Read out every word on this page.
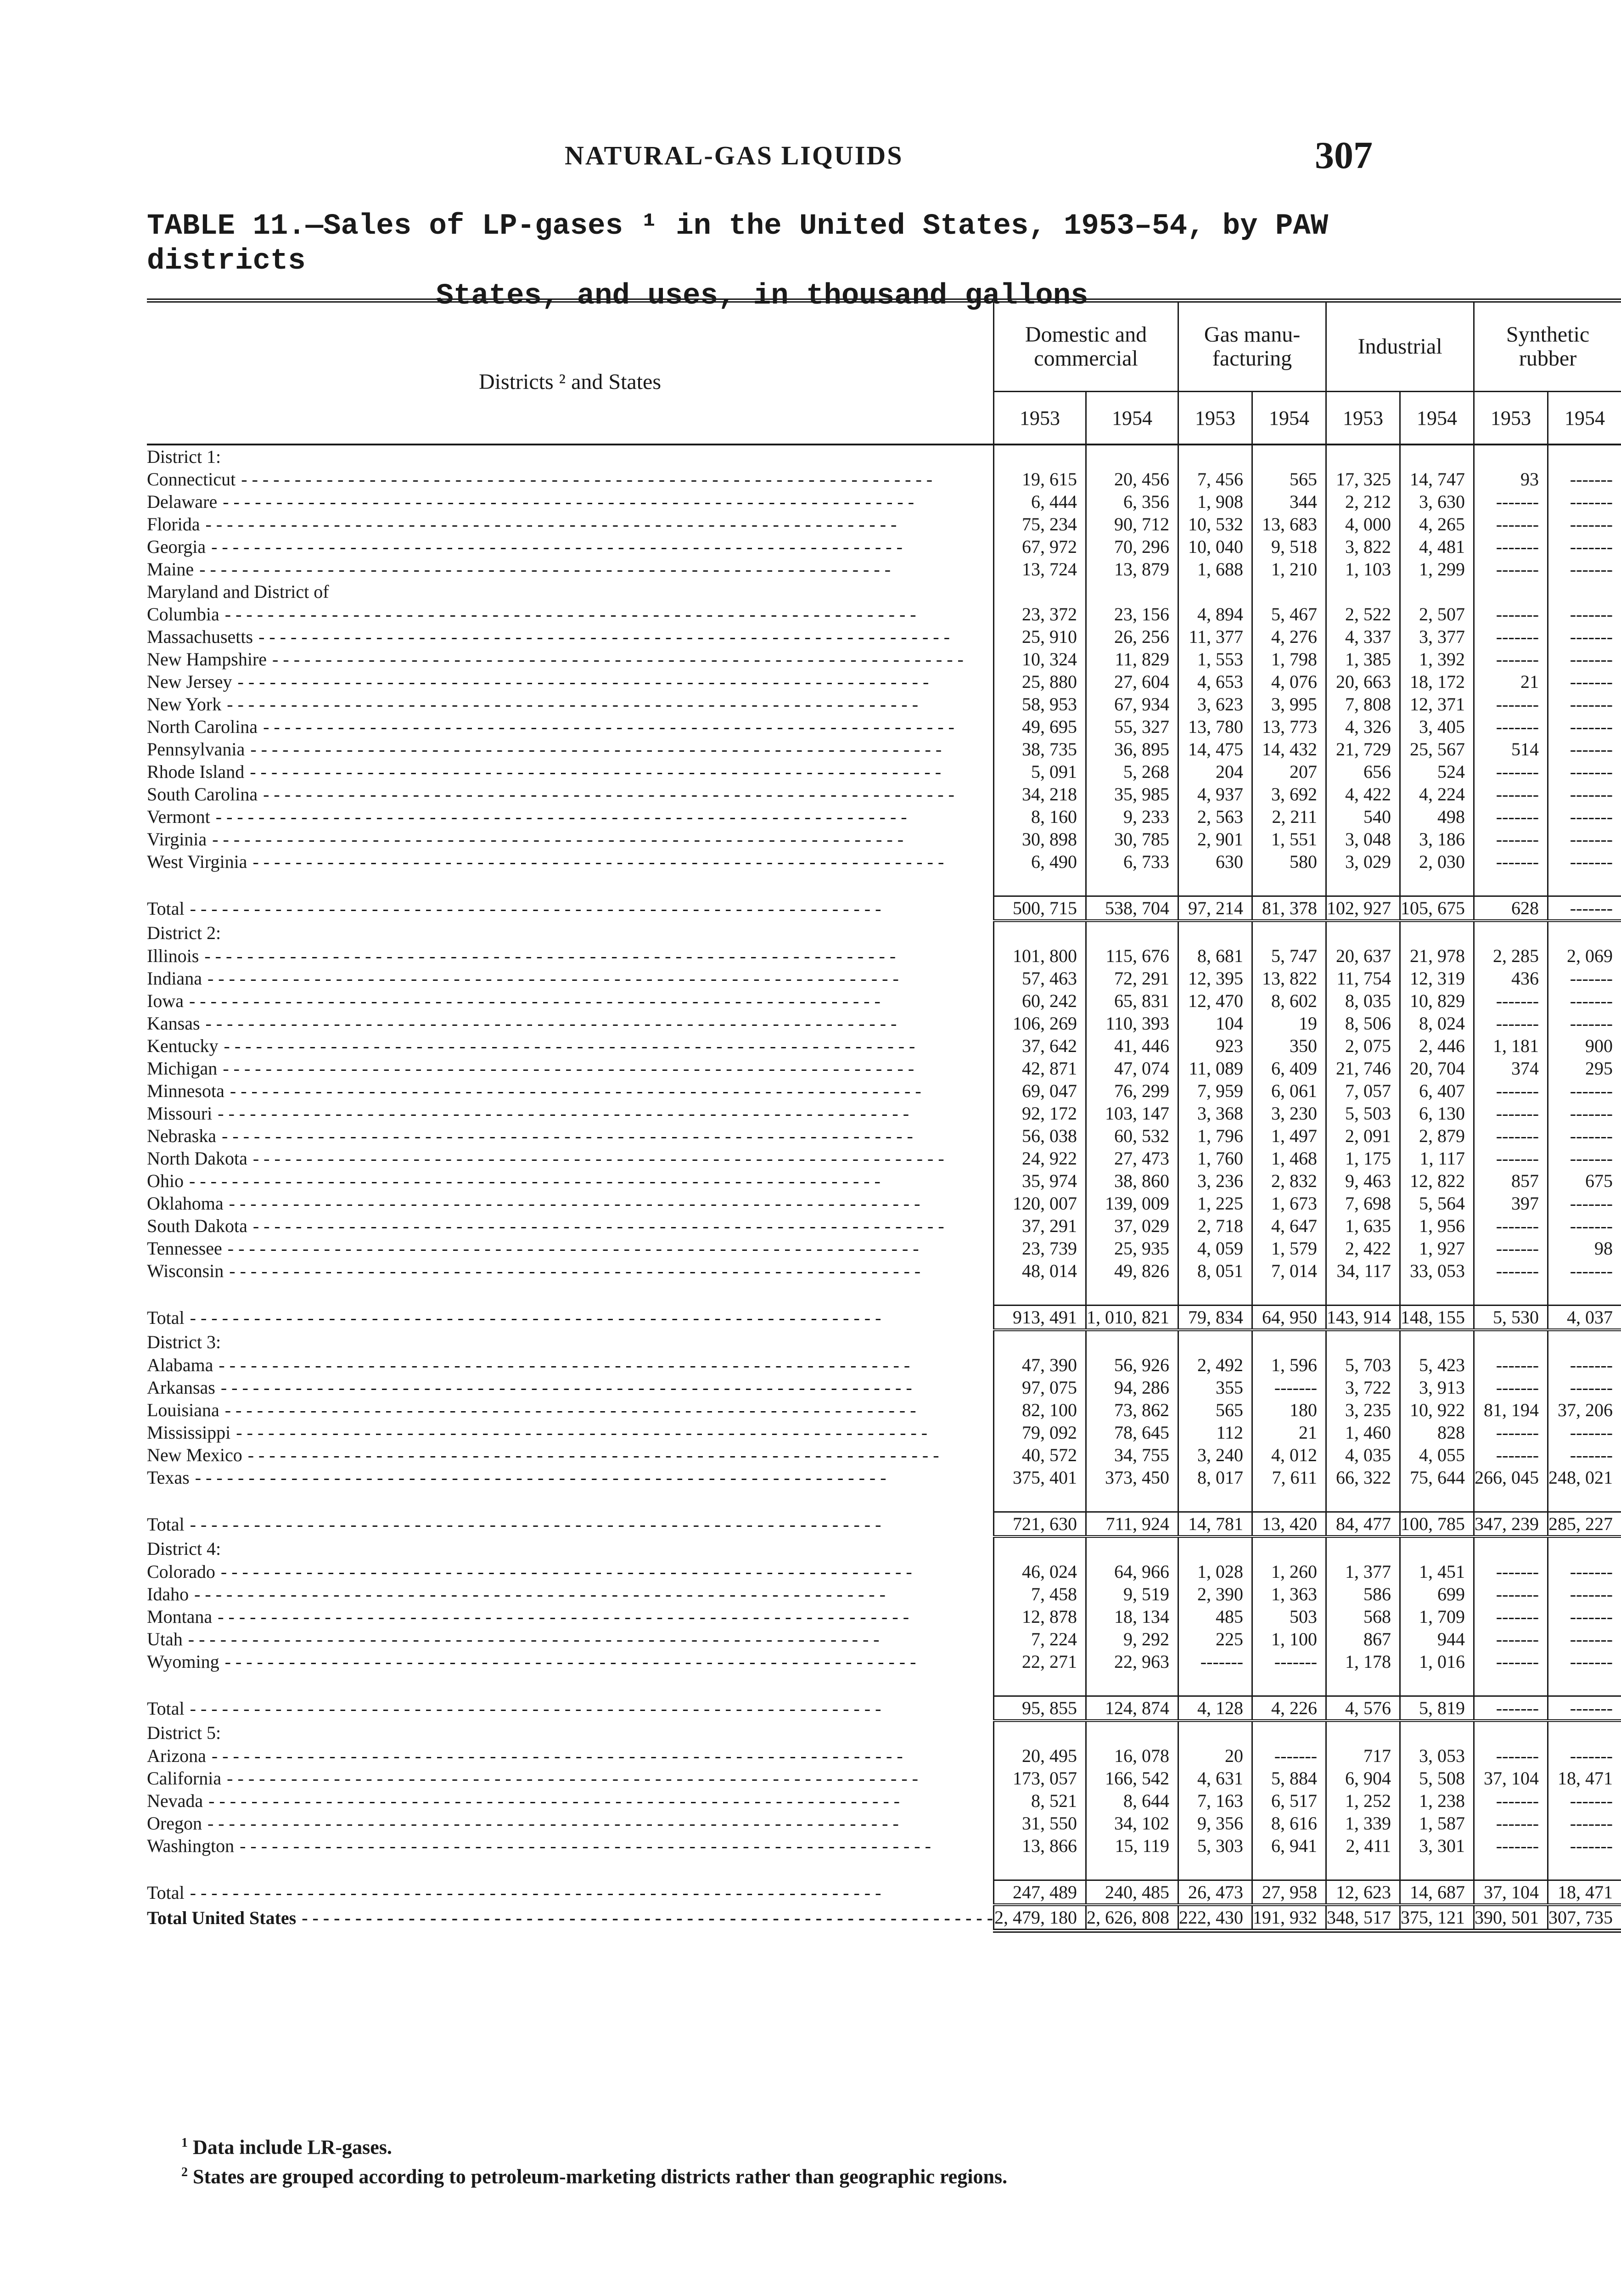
NATURAL-GAS LIQUIDS	307
TABLE 11.—Sales of LP-gases ¹ in the United States, 1953–54, by PAW districts
States, and uses, in thousand gallons
Districts ² and States	Domestic and commercial		Gas manu-facturing		Industrial		Synthetic rubber	
	1953	1954	1953	1954	1953	1954	1953	1954
District 1:								

Connecticut - - -	19, 615	20, 456	7, 456	565	17, 325	14, 747	93	-------

Delaware - - -	6, 444	6, 356	1, 908	344	2, 212	3, 630	-------	-------

Florida - - -	75, 234	90, 712	10, 532	13, 683	4, 000	4, 265	-------	-------

Georgia - - -	67, 972	70, 296	10, 040	9, 518	3, 822	4, 481	-------	-------

Maine - - -	13, 724	13, 879	1, 688	1, 210	1, 103	1, 299	-------	-------
Maryland and District of								

Columbia - - -	23, 372	23, 156	4, 894	5, 467	2, 522	2, 507	-------	-------

Massachusetts - - -	25, 910	26, 256	11, 377	4, 276	4, 337	3, 377	-------	-------

New Hampshire - - -	10, 324	11, 829	1, 553	1, 798	1, 385	1, 392	-------	-------

New Jersey - - -	25, 880	27, 604	4, 653	4, 076	20, 663	18, 172	21	-------

New York - - -	58, 953	67, 934	3, 623	3, 995	7, 808	12, 371	-------	-------

North Carolina - - -	49, 695	55, 327	13, 780	13, 773	4, 326	3, 405	-------	-------

Pennsylvania - - -	38, 735	36, 895	14, 475	14, 432	21, 729	25, 567	514	-------

Rhode Island - - -	5, 091	5, 268	204	207	656	524	-------	-------

South Carolina - - -	34, 218	35, 985	4, 937	3, 692	4, 422	4, 224	-------	-------

Vermont - - -	8, 160	9, 233	2, 563	2, 211	540	498	-------	-------

Virginia - - -	30, 898	30, 785	2, 901	1, 551	3, 048	3, 186	-------	-------

West Virginia - - -	6, 490	6, 733	630	580	3, 029	2, 030	-------	-------

Total - - -	500, 715	538, 704	97, 214	81, 378	102, 927	105, 675	628	-------
District 2:								

Illinois - - -	101, 800	115, 676	8, 681	5, 747	20, 637	21, 978	2, 285	2, 069

Indiana - - -	57, 463	72, 291	12, 395	13, 822	11, 754	12, 319	436	-------

Iowa - - -	60, 242	65, 831	12, 470	8, 602	8, 035	10, 829	-------	-------

Kansas - - -	106, 269	110, 393	104	19	8, 506	8, 024	-------	-------

Kentucky - - -	37, 642	41, 446	923	350	2, 075	2, 446	1, 181	900

Michigan - - -	42, 871	47, 074	11, 089	6, 409	21, 746	20, 704	374	295

Minnesota - - -	69, 047	76, 299	7, 959	6, 061	7, 057	6, 407	-------	-------

Missouri - - -	92, 172	103, 147	3, 368	3, 230	5, 503	6, 130	-------	-------

Nebraska - - -	56, 038	60, 532	1, 796	1, 497	2, 091	2, 879	-------	-------

North Dakota - - -	24, 922	27, 473	1, 760	1, 468	1, 175	1, 117	-------	-------

Ohio - - -	35, 974	38, 860	3, 236	2, 832	9, 463	12, 822	857	675

Oklahoma - - -	120, 007	139, 009	1, 225	1, 673	7, 698	5, 564	397	-------

South Dakota - - -	37, 291	37, 029	2, 718	4, 647	1, 635	1, 956	-------	-------

Tennessee - - -	23, 739	25, 935	4, 059	1, 579	2, 422	1, 927	-------	98

Wisconsin - - -	48, 014	49, 826	8, 051	7, 014	34, 117	33, 053	-------	-------

Total - - -	913, 491	1, 010, 821	79, 834	64, 950	143, 914	148, 155	5, 530	4, 037
District 3:								

Alabama - - -	47, 390	56, 926	2, 492	1, 596	5, 703	5, 423	-------	-------

Arkansas - - -	97, 075	94, 286	355	-------	3, 722	3, 913	-------	-------

Louisiana - - -	82, 100	73, 862	565	180	3, 235	10, 922	81, 194	37, 206

Mississippi - - -	79, 092	78, 645	112	21	1, 460	828	-------	-------

New Mexico - - -	40, 572	34, 755	3, 240	4, 012	4, 035	4, 055	-------	-------

Texas - - -	375, 401	373, 450	8, 017	7, 611	66, 322	75, 644	266, 045	248, 021

Total - - -	721, 630	711, 924	14, 781	13, 420	84, 477	100, 785	347, 239	285, 227
District 4:								

Colorado - - -	46, 024	64, 966	1, 028	1, 260	1, 377	1, 451	-------	-------

Idaho - - -	7, 458	9, 519	2, 390	1, 363	586	699	-------	-------

Montana - - -	12, 878	18, 134	485	503	568	1, 709	-------	-------

Utah - - -	7, 224	9, 292	225	1, 100	867	944	-------	-------

Wyoming - - -	22, 271	22, 963	-------	-------	1, 178	1, 016	-------	-------

Total - - -	95, 855	124, 874	4, 128	4, 226	4, 576	5, 819	-------	-------
District 5:								

Arizona - - -	20, 495	16, 078	20	-------	717	3, 053	-------	-------

California - - -	173, 057	166, 542	4, 631	5, 884	6, 904	5, 508	37, 104	18, 471

Nevada - - -	8, 521	8, 644	7, 163	6, 517	1, 252	1, 238	-------	-------

Oregon - - -	31, 550	34, 102	9, 356	8, 616	1, 339	1, 587	-------	-------

Washington - - -	13, 866	15, 119	5, 303	6, 941	2, 411	3, 301	-------	-------

Total - - -	247, 489	240, 485	26, 473	27, 958	12, 623	14, 687	37, 104	18, 471

Total United States - - -	2, 479, 180	2, 626, 808	222, 430	191, 932	348, 517	375, 121	390, 501	307, 735
$^1$ Data include LR-gases.
$^2$ States are grouped according to petroleum-marketing districts rather than geographic regions.
